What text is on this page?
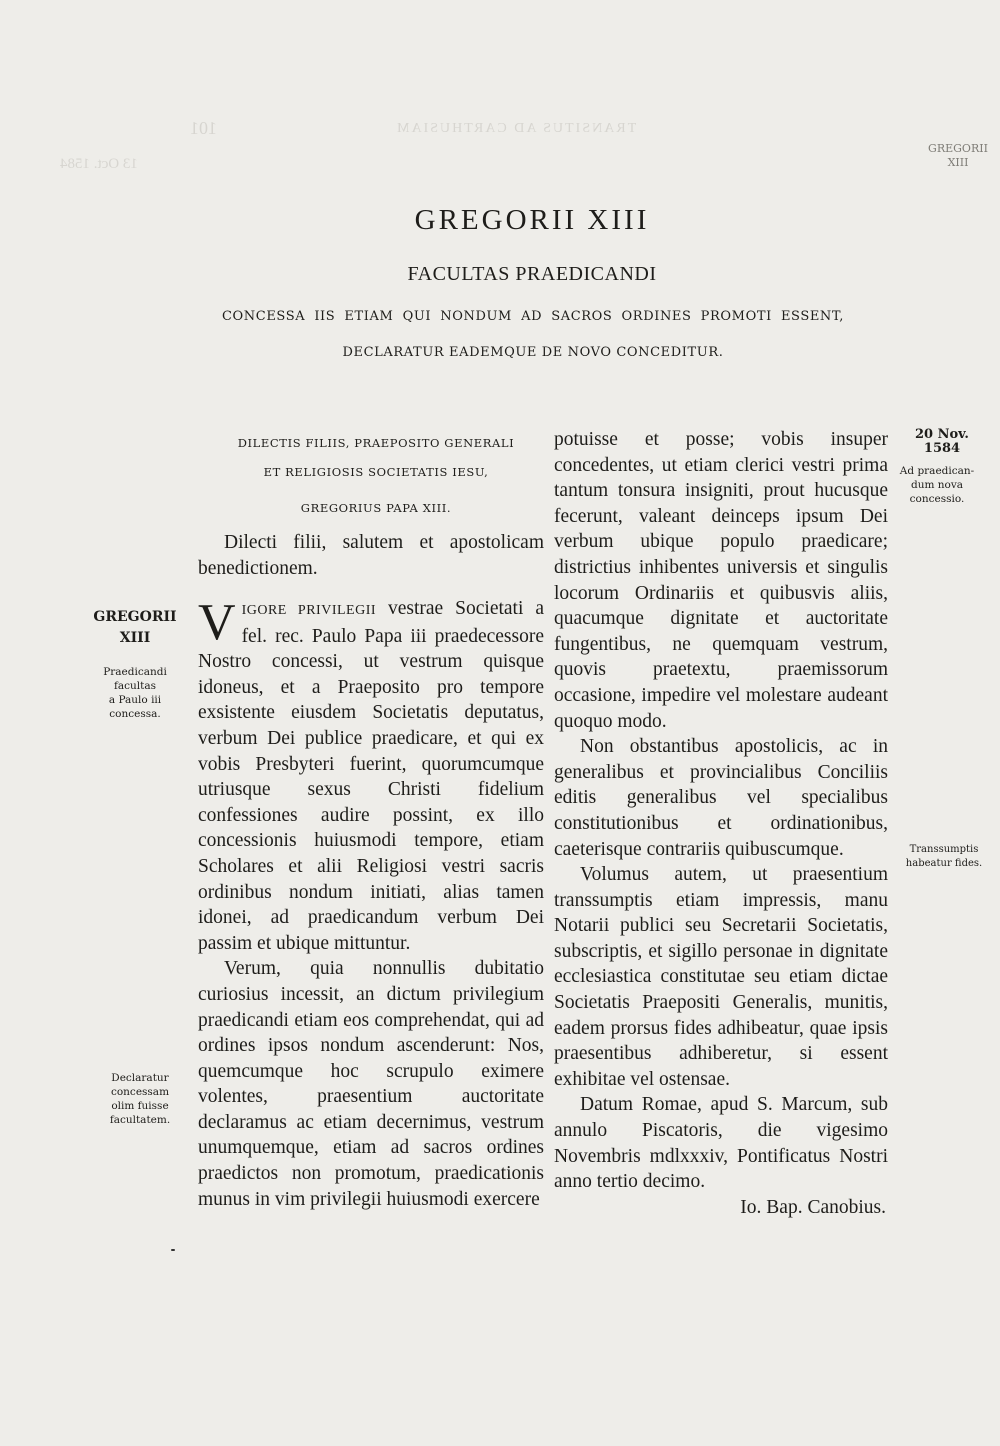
101	TRANSITUS AD CARTHUSIAM
13 Oct. 1584
GREGORII XIII
FACULTAS PRAEDICANDI
CONCESSA IIS ETIAM QUI NONDUM AD SACROS ORDINES PROMOTI ESSENT, DECLARATUR EADEMQUE DE NOVO CONCEDITUR.
DILECTIS FILIIS, PRAEPOSITO GENERALI
ET RELIGIOSIS SOCIETATIS IESU,
GREGORIUS PAPA XIII.
Dilecti filii, salutem et apostolicam benedictionem.

VIGORE PRIVILEGII vestrae Societati a fel. rec. Paulo Papa iii praedecessore Nostro concessi, ut vestrum quisque idoneus, et a Praeposito pro tempore exsistente eiusdem Societatis deputatus, verbum Dei publice praedicare, et qui ex vobis Presbyteri fuerint, quorumcumque utriusque sexus Christi fidelium confessiones audire possint, ex illo concessionis huiusmodi tempore, etiam Scholares et alii Religiosi vestri sacris ordinibus nondum initiati, alias tamen idonei, ad praedicandum verbum Dei passim et ubique mittuntur.

Verum, quia nonnullis dubitatio curiosius incessit, an dictum privilegium praedicandi etiam eos comprehendat, qui ad ordines ipsos nondum ascenderunt: Nos, quemcumque hoc scrupulo eximere volentes, praesentium auctoritate declaramus ac etiam decernimus, vestrum unumquemque, etiam ad sacros ordines praedictos non promotum, praedicationis munus in vim privilegii huiusmodi exercere

potuisse et posse; vobis insuper concedentes, ut etiam clerici vestri prima tantum tonsura insigniti, prout hucusque fecerunt, valeant deinceps ipsum Dei verbum ubique populo praedicare; districtius inhibentes universis et singulis locorum Ordinariis et quibusvis aliis, quacumque dignitate et auctoritate fungentibus, ne quemquam vestrum, quovis praetextu, praemissorum occasione, impedire vel molestare audeant quoquo modo.

Non obstantibus apostolicis, ac in generalibus et provincialibus Conciliis editis generalibus vel specialibus constitutionibus et ordinationibus, caeterisque contrariis quibuscumque.

Volumus autem, ut praesentium transsumptis etiam impressis, manu Notarii publici seu Secretarii Societatis, subscriptis, et sigillo personae in dignitate ecclesiastica constitutae seu etiam dictae Societatis Praepositi Generalis, munitis, eadem prorsus fides adhibeatur, quae ipsis praesentibus adhiberetur, si essent exhibitae vel ostensae.

Datum Romae, apud S. Marcum, sub annulo Piscatoris, die vigesimo Novembris mdlxxxiv, Pontificatus Nostri anno tertio decimo.

Io. Bap. Canobius.

GREGORII
XIII
Praedicandi
facultas
a Paulo iii
concessa.
Declaratur
concessam
olim fuisse
facultatem.
20 Nov. 1584
Ad praedican-
dum nova
concessio.
Transsumptis
habeatur fides.
GREGORII
XIII
